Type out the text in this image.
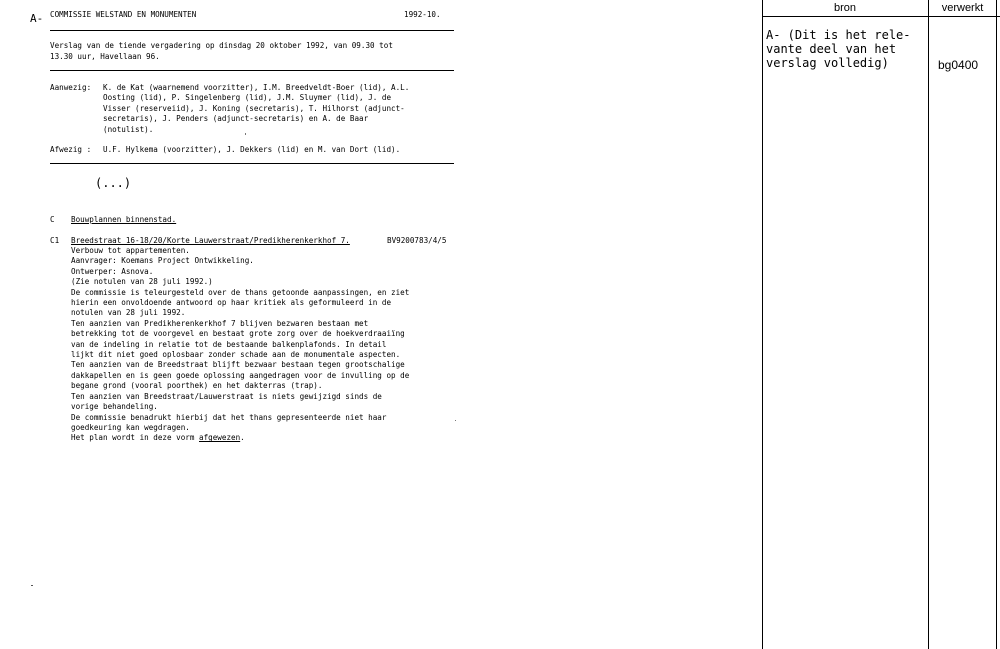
A- COMMISSIE WELSTAND EN MONUMENTEN	1992-10.
Verslag van de tiende vergadering op dinsdag 20 oktober 1992, van 09.30 tot
13.30 uur, Havellaan 96.
Aanwezig: K. de Kat (waarnemend voorzitter), I.M. Breedveldt-Boer (lid), A.L.
Oosting (lid), P. Singelenberg (lid), J.M. Sluymer (lid), J. de
Visser (reserveiid), J. Koning (secretaris), T. Hilhorst (adjunct-
secretaris), J. Penders (adjunct-secretaris) en A. de Baar
(notulist).
Afwezig : U.F. Hylkema (voorzitter), J. Dekkers (lid) en M. van Dort (lid).
(...)
C Bouwplannen binnenstad.
C1 Breedstraat 16-18/20/Korte Lauwerstraat/Predikherenkerkhof 7.	BV9200783/4/5
Verbouw tot appartementen.
Aanvrager: Koemans Project Ontwikkeling.
Ontwerper: Asnova.
(Zie notulen van 28 juli 1992.)
De commissie is teleurgesteld over de thans getoonde aanpassingen, en ziet
hierin een onvoldoende antwoord op haar kritiek als geformuleerd in de
notulen van 28 juli 1992.
Ten aanzien van Predikherenkerkhof 7 blijven bezwaren bestaan met
betrekking tot de voorgevel en bestaat grote zorg over de hoekverdraaiïng
van de indeling in relatie tot de bestaande balkenplafonds. In detail
lijkt dit niet goed oplosbaar zonder schade aan de monumentale aspecten.
Ten aanzien van de Breedstraat blijft bezwaar bestaan tegen grootschalige
dakkapellen en is geen goede oplossing aangedragen voor de invulling op de
begane grond (vooral poorthek) en het dakterras (trap).
Ten aanzien van Breedstraat/Lauwerstraat is niets gewijzigd sinds de
vorige behandeling.
De commissie benadrukt hierbij dat het thans gepresenteerde niet haar
goedkeuring kan wegdragen.
Het plan wordt in deze vorm afgewezen.
bron	verwerkt
A- (Dit is het rele-
vante deel van het
verslag volledig)	bg0400
